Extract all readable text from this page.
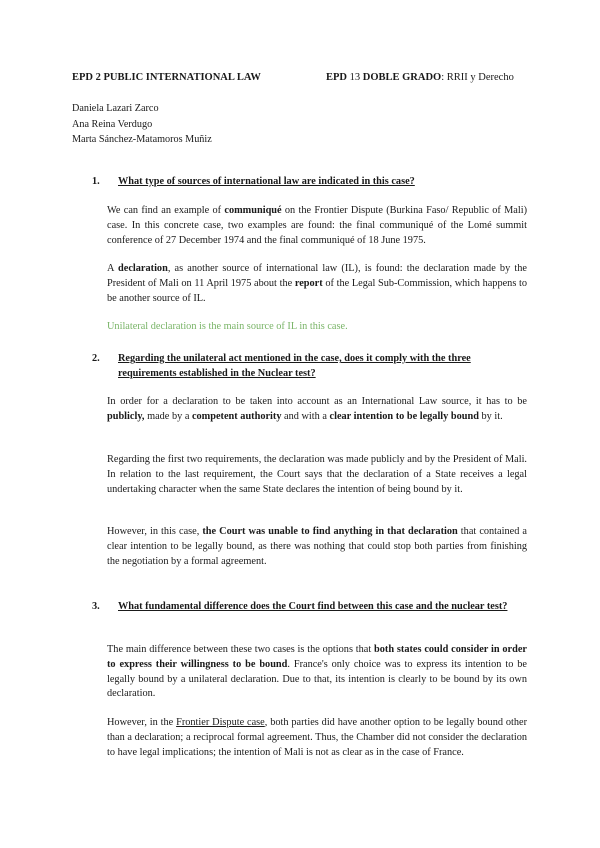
EPD 2 PUBLIC INTERNATIONAL LAW	EPD 13 DOBLE GRADO: RRII y Derecho
Daniela Lazari Zarco
Ana Reina Verdugo
Marta Sánchez-Matamoros Muñiz
1. What type of sources of international law are indicated in this case?

We can find an example of communiqué on the Frontier Dispute (Burkina Faso/ Republic of Mali) case. In this concrete case, two examples are found: the final communiqué of the Lomé summit conference of 27 December 1974 and the final communiqué of 18 June 1975.

A declaration, as another source of international law (IL), is found: the declaration made by the President of Mali on 11 April 1975 about the report of the Legal Sub-Commission, which happens to be another source of IL.

Unilateral declaration is the main source of IL in this case.

2. Regarding the unilateral act mentioned in the case, does it comply with the three requirements established in the Nuclear test?

In order for a declaration to be taken into account as an International Law source, it has to be publicly, made by a competent authority and with a clear intention to be legally bound by it.

Regarding the first two requirements, the declaration was made publicly and by the President of Mali. In relation to the last requirement, the Court says that the declaration of a State receives a legal undertaking character when the same State declares the intention of being bound by it.

However, in this case, the Court was unable to find anything in that declaration that contained a clear intention to be legally bound, as there was nothing that could stop both parties from finishing the negotiation by a formal agreement.

3. What fundamental difference does the Court find between this case and the nuclear test?

The main difference between these two cases is the options that both states could consider in order to express their willingness to be bound. France's only choice was to express its intention to be legally bound by a unilateral declaration. Due to that, its intention is clearly to be bound by its own declaration.

However, in the Frontier Dispute case, both parties did have another option to be legally bound other than a declaration; a reciprocal formal agreement. Thus, the Chamber did not consider the declaration to have legal implications; the intention of Mali is not as clear as in the case of France.
